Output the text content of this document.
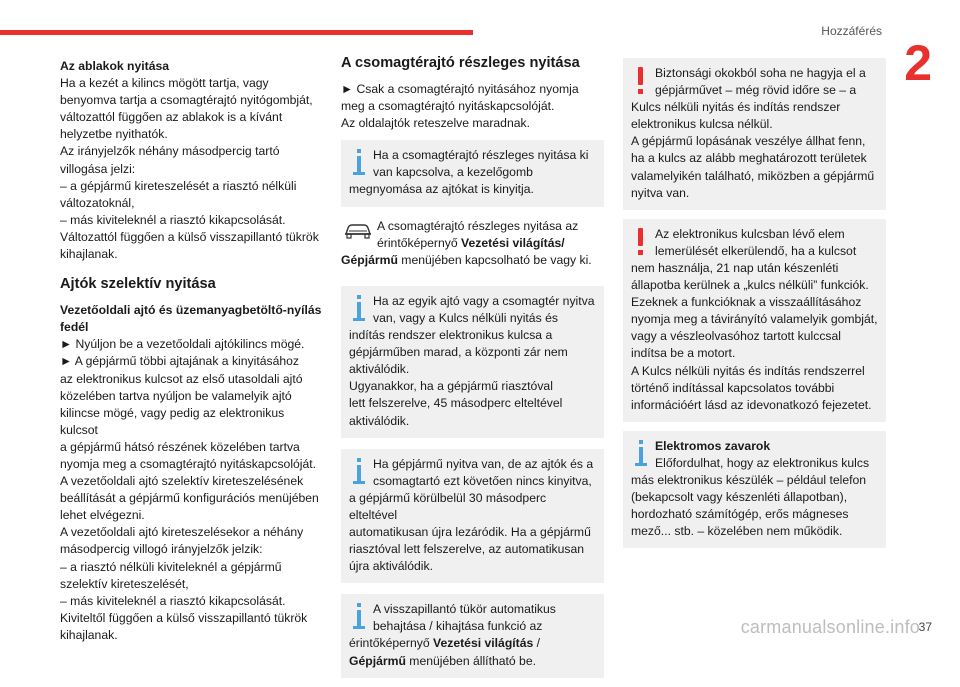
Hozzáférés
2

Az ablakok nyitása

Ha a kezét a kilincs mögött tartja, vagy
benyomva tartja a csomagtérajtó nyitógombját,
változattól függően az ablakok is a kívánt
helyzetbe nyithatók.
Az irányjelzők néhány másodpercig tartó
villogása jelzi:
– a gépjármű kireteszelését a riasztó nélküli
változatoknál,
– más kiviteleknél a riasztó kikapcsolását.
Változattól függően a külső visszapillantó tükrök
kihajlanak.
Ajtók szelektív nyitása

Vezetőoldali ajtó és üzemanyagbetöltő-nyílás fedél

► Nyúljon be a vezetőoldali ajtókilincs mögé.
► A gépjármű többi ajtajának a kinyitásához
az elektronikus kulcsot az első utasoldali ajtó
közelében tartva nyúljon be valamelyik ajtó
kilincse mögé, vagy pedig az elektronikus kulcsot
a gépjármű hátsó részének közelében tartva
nyomja meg a csomagtérajtó nyitáskapcsolóját.
A vezetőoldali ajtó szelektív kireteszelésének
beállítását a gépjármű konfigurációs menüjében
lehet elvégezni.
A vezetőoldali ajtó kireteszelésekor a néhány
másodpercig villogó irányjelzők jelzik:
– a riasztó nélküli kiviteleknél a gépjármű
szelektív kireteszelését,
– más kiviteleknél a riasztó kikapcsolását.
Kiviteltől függően a külső visszapillantó tükrök
kihajlanak.
A csomagtérajtó részleges nyitása
► Csak a csomagtérajtó nyitásához nyomja
meg a csomagtérajtó nyitáskapcsolóját.
Az oldalajtók reteszelve maradnak.
Ha a csomagtérajtó részleges nyitása ki
van kapcsolva, a kezelőgomb
megnyomása az ajtókat is kinyitja.
A csomagtérajtó részleges nyitása az
érintőképernyő Vezetési világítás/
Gépjármű menüjében kapcsolható be vagy ki.
Ha az egyik ajtó vagy a csomagtér nyitva
van, vagy a Kulcs nélküli nyitás és
indítás rendszer elektronikus kulcsa a
gépjárműben marad, a központi zár nem
aktiválódik.
Ugyanakkor, ha a gépjármű riasztóval
lett felszerelve, 45 másodperc elteltével
aktiválódik.
Ha gépjármű nyitva van, de az ajtók és a
csomagtartó ezt követően nincs kinyitva,
a gépjármű körülbelül 30 másodperc elteltével
automatikusan újra lezáródik. Ha a gépjármű
riasztóval lett felszerelve, az automatikusan
újra aktiválódik.
A visszapillantó tükör automatikus
behajtása / kihajtása funkció az
érintőképernyő Vezetési világítás /
Gépjármű menüjében állítható be.
Biztonsági okokból soha ne hagyja el a
gépjárművet – még rövid időre se – a
Kulcs nélküli nyitás és indítás rendszer
elektronikus kulcsa nélkül.
A gépjármű lopásának veszélye állhat fenn,
ha a kulcs az alább meghatározott területek
valamelyikén található, miközben a gépjármű
nyitva van.
Az elektronikus kulcsban lévő elem
lemerülését elkerülendő, ha a kulcsot
nem használja, 21 nap után készenléti
állapotba kerülnek a „kulcs nélküli” funkciók.
Ezeknek a funkcióknak a visszaállításához
nyomja meg a távirányító valamelyik gombját,
vagy a vészleolvasóhoz tartott kulccsal
indítsa be a motort.
A Kulcs nélküli nyitás és indítás rendszerrel
történő indítással kapcsolatos további
információért lásd az idevonatkozó fejezetet.
Elektromos zavarok
Előfordulhat, hogy az elektronikus kulcs
más elektronikus készülék – például telefon
(bekapcsolt vagy készenléti állapotban),
hordozható számítógép, erős mágneses
mező... stb. – közelében nem működik.
carmanualsonline.info
37
